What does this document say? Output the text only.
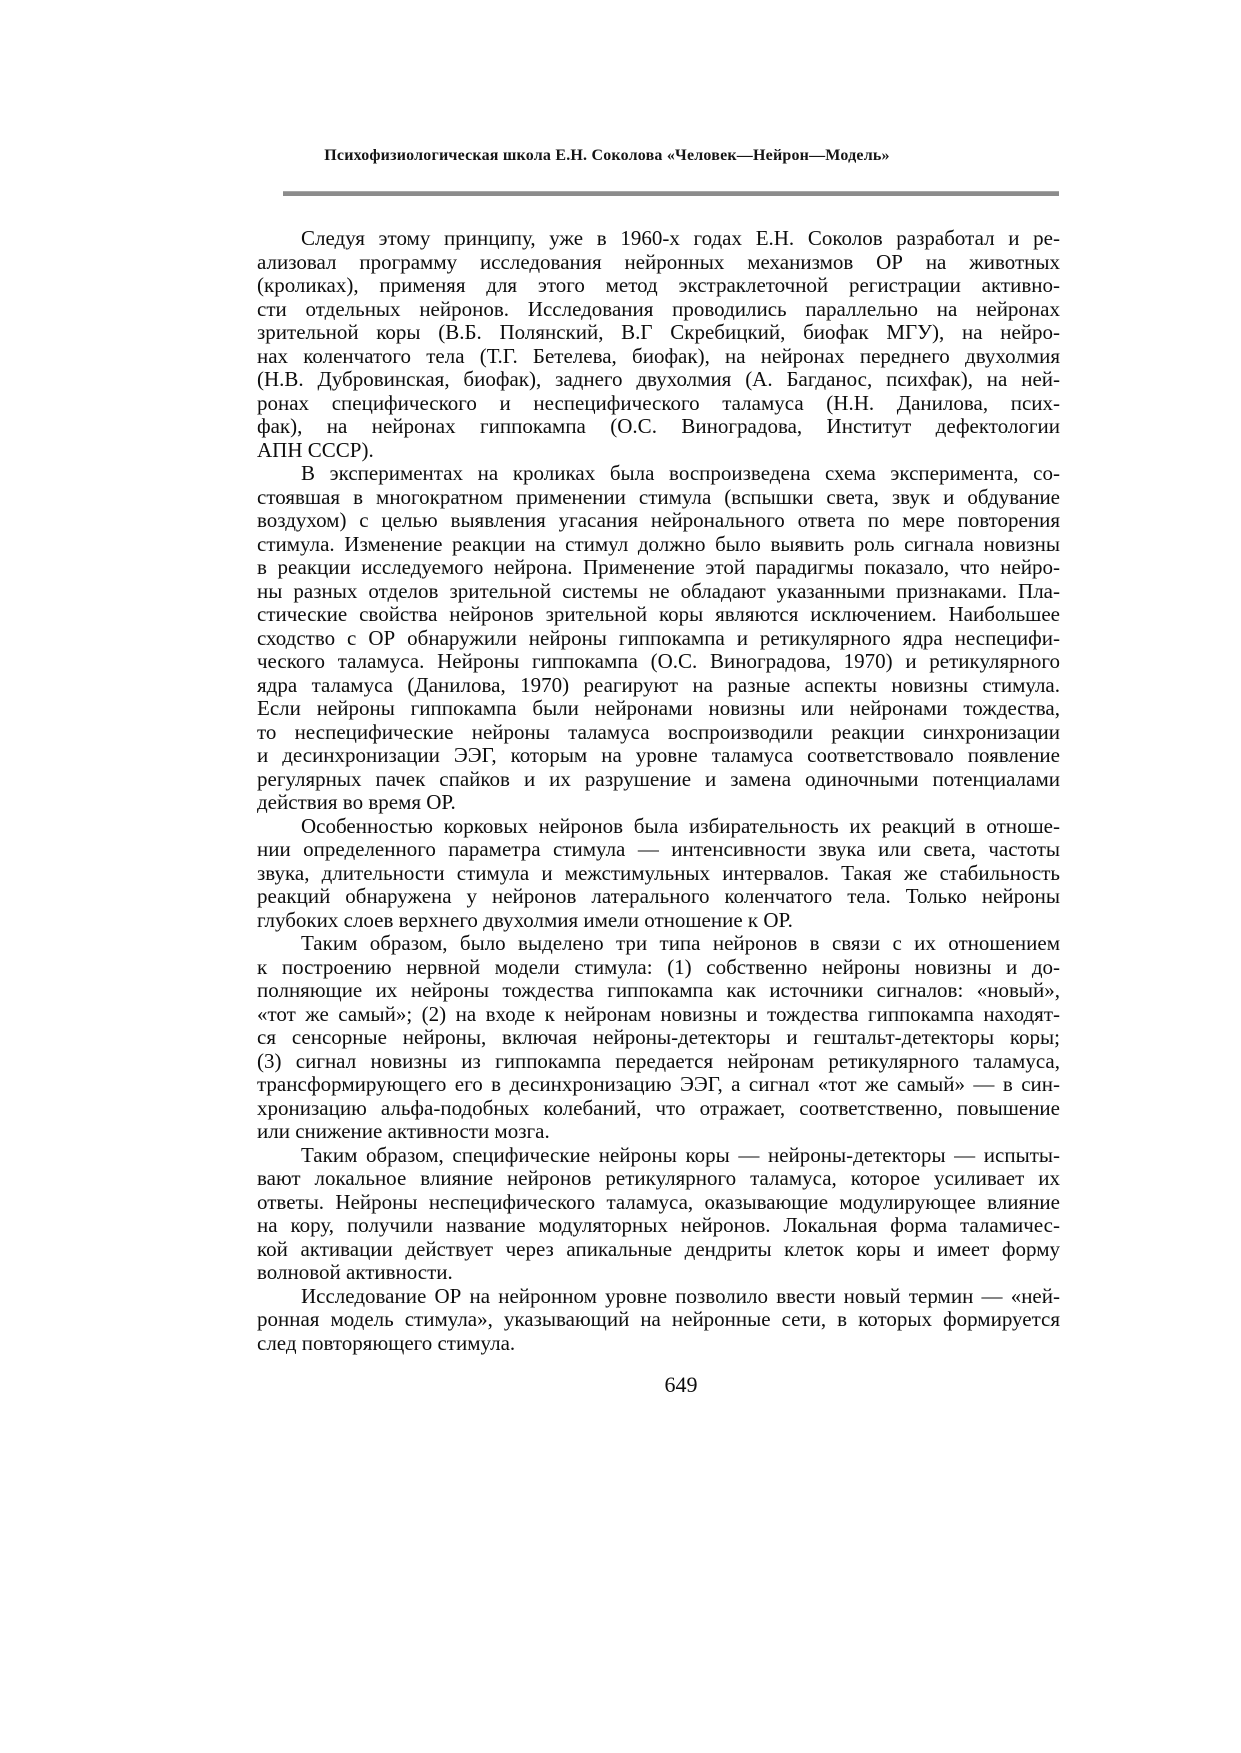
Психофизиологическая школа Е.Н. Соколова «Человек—Нейрон—Модель»
Следуя этому принципу, уже в 1960-х годах Е.Н. Соколов разработал и ре-
ализовал программу исследования нейронных механизмов ОР на животных
(кроликах), применяя для этого метод экстраклеточной регистрации активно-
сти отдельных нейронов. Исследования проводились параллельно на нейронах
зрительной коры (В.Б. Полянский, В.Г Скребицкий, биофак МГУ), на нейро-
нах коленчатого тела (Т.Г. Бетелева, биофак), на нейронах переднего двухолмия
(Н.В. Дубровинская, биофак), заднего двухолмия (А. Багданос, психфак), на ней-
ронах специфического и неспецифического таламуса (Н.Н. Данилова, псих-
фак), на нейронах гиппокампа (О.С. Виноградова, Институт дефектологии
АПН СССР).
В экспериментах на кроликах была воспроизведена схема эксперимента, со-
стоявшая в многократном применении стимула (вспышки света, звук и обдувание
воздухом) с целью выявления угасания нейронального ответа по мере повторения
стимула. Изменение реакции на стимул должно было выявить роль сигнала новизны
в реакции исследуемого нейрона. Применение этой парадигмы показало, что нейро-
ны разных отделов зрительной системы не обладают указанными признаками. Пла-
стические свойства нейронов зрительной коры являются исключением. Наибольшее
сходство с ОР обнаружили нейроны гиппокампа и ретикулярного ядра неспецифи-
ческого таламуса. Нейроны гиппокампа (О.С. Виноградова, 1970) и ретикулярного
ядра таламуса (Данилова, 1970) реагируют на разные аспекты новизны стимула.
Если нейроны гиппокампа были нейронами новизны или нейронами тождества,
то неспецифические нейроны таламуса воспроизводили реакции синхронизации
и десинхронизации ЭЭГ, которым на уровне таламуса соответствовало появление
регулярных пачек спайков и их разрушение и замена одиночными потенциалами
действия во время ОР.
Особенностью корковых нейронов была избирательность их реакций в отноше-
нии определенного параметра стимула — интенсивности звука или света, частоты
звука, длительности стимула и межстимульных интервалов. Такая же стабильность
реакций обнаружена у нейронов латерального коленчатого тела. Только нейроны
глубоких слоев верхнего двухолмия имели отношение к ОР.
Таким образом, было выделено три типа нейронов в связи с их отношением
к построению нервной модели стимула: (1) собственно нейроны новизны и до-
полняющие их нейроны тождества гиппокампа как источники сигналов: «новый»,
«тот же самый»; (2) на входе к нейронам новизны и тождества гиппокампа находят-
ся сенсорные нейроны, включая нейроны-детекторы и гештальт-детекторы коры;
(3) сигнал новизны из гиппокампа передается нейронам ретикулярного таламуса,
трансформирующего его в десинхронизацию ЭЭГ, а сигнал «тот же самый» — в син-
хронизацию альфа-подобных колебаний, что отражает, соответственно, повышение
или снижение активности мозга.
Таким образом, специфические нейроны коры — нейроны-детекторы — испыты-
вают локальное влияние нейронов ретикулярного таламуса, которое усиливает их
ответы. Нейроны неспецифического таламуса, оказывающие модулирующее влияние
на кору, получили название модуляторных нейронов. Локальная форма таламичес-
кой активации действует через апикальные дендриты клеток коры и имеет форму
волновой активности.
Исследование ОР на нейронном уровне позволило ввести новый термин — «ней-
ронная модель стимула», указывающий на нейронные сети, в которых формируется
след повторяющего стимула.
649
